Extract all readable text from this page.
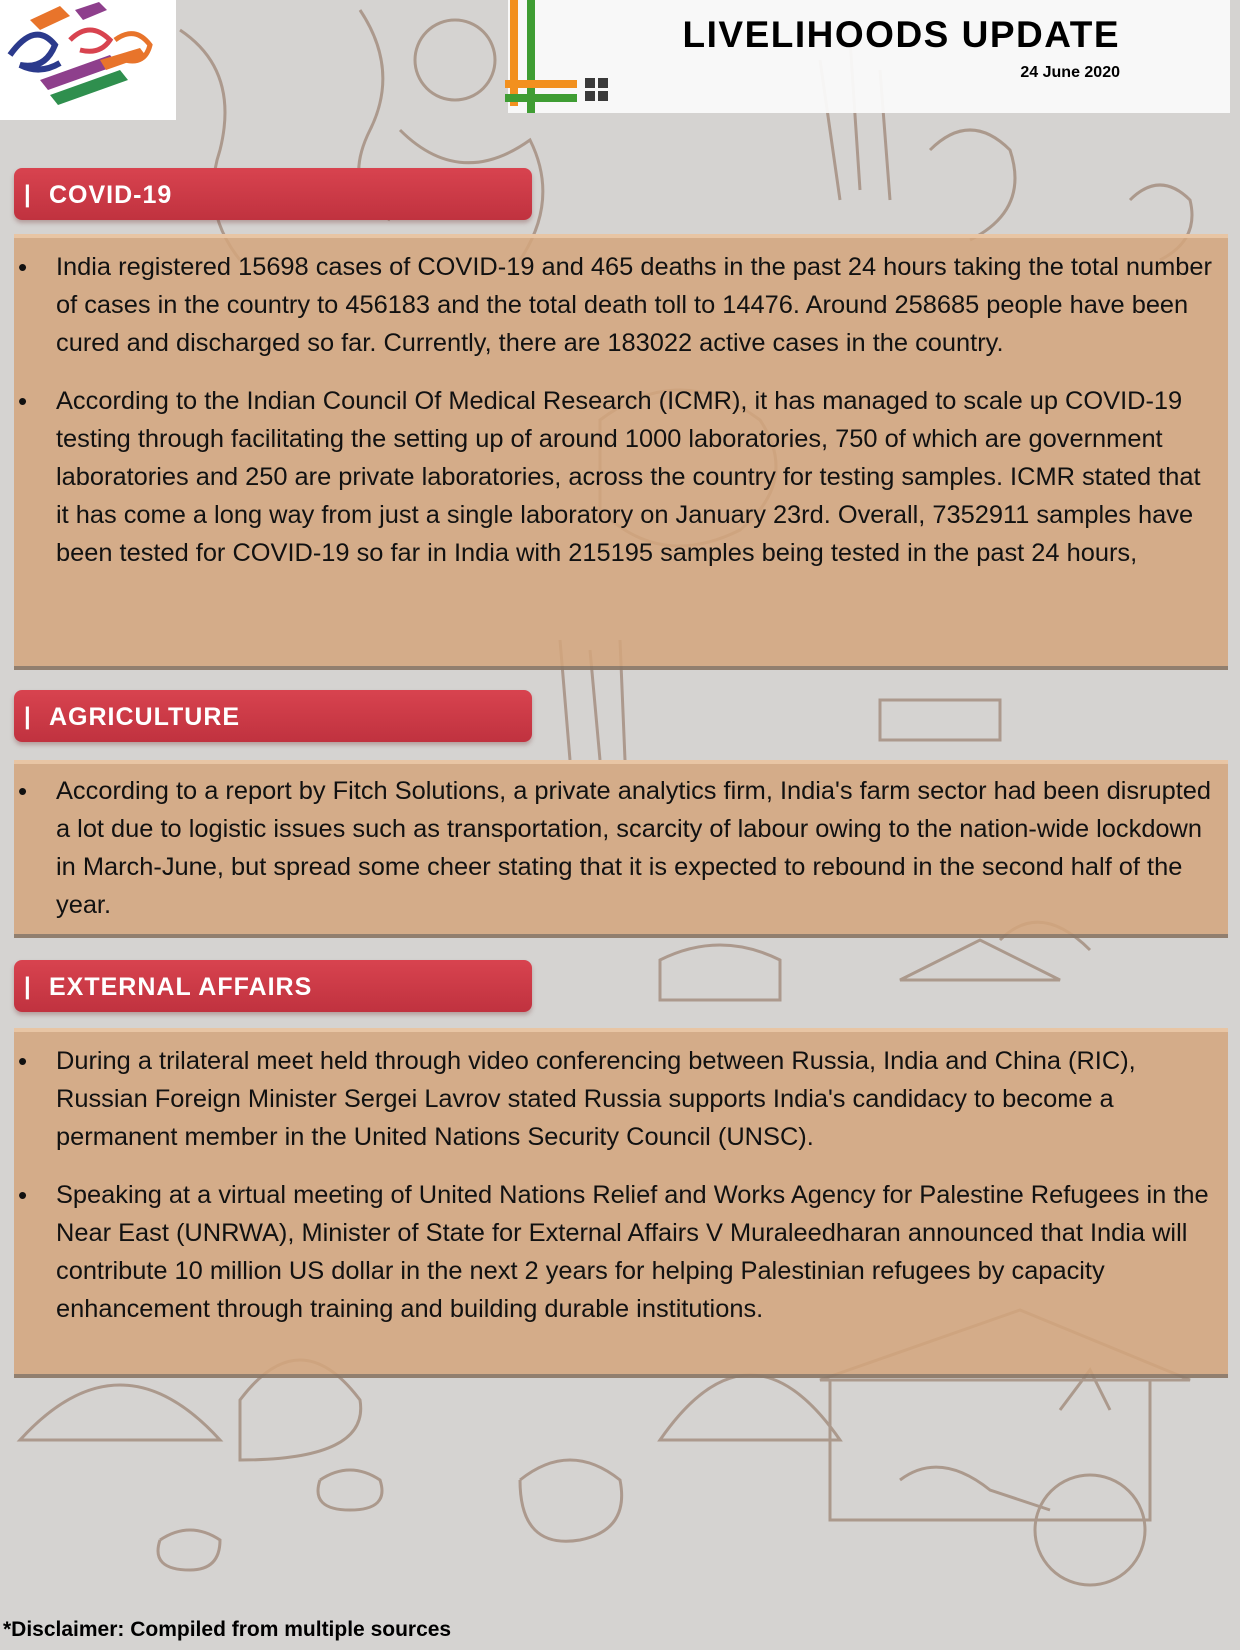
LIVELIHOODS UPDATE
24 June 2020
| COVID-19
• India registered 15698 cases of COVID-19 and 465 deaths in the past 24 hours taking the total number of cases in the country to 456183 and the total death toll to 14476. Around 258685 people have been cured and discharged so far. Currently, there are 183022 active cases in the country.
• According to the Indian Council Of Medical Research (ICMR), it has managed to scale up COVID-19 testing through facilitating the setting up of around 1000 laboratories, 750 of which are government laboratories and 250 are private laboratories, across the country for testing samples. ICMR stated that it has come a long way from just a single laboratory on January 23rd. Overall, 7352911 samples have been tested for COVID-19 so far in India with 215195 samples being tested in the past 24 hours,
| AGRICULTURE
• According to a report by Fitch Solutions, a private analytics firm, India's farm sector had been disrupted a lot due to logistic issues such as transportation, scarcity of labour owing to the nation-wide lockdown in March-June, but spread some cheer stating that it is expected to rebound in the second half of the year.
| EXTERNAL AFFAIRS
• During a trilateral meet held through video conferencing between Russia, India and China (RIC), Russian Foreign Minister Sergei Lavrov stated Russia supports India's candidacy to become a permanent member in the United Nations Security Council (UNSC).
• Speaking at a virtual meeting of United Nations Relief and Works Agency for Palestine Refugees in the Near East (UNRWA), Minister of State for External Affairs V Muraleedharan announced that India will contribute 10 million US dollar in the next 2 years for helping Palestinian refugees by capacity enhancement through training and building durable institutions.
*Disclaimer: Compiled from multiple sources
